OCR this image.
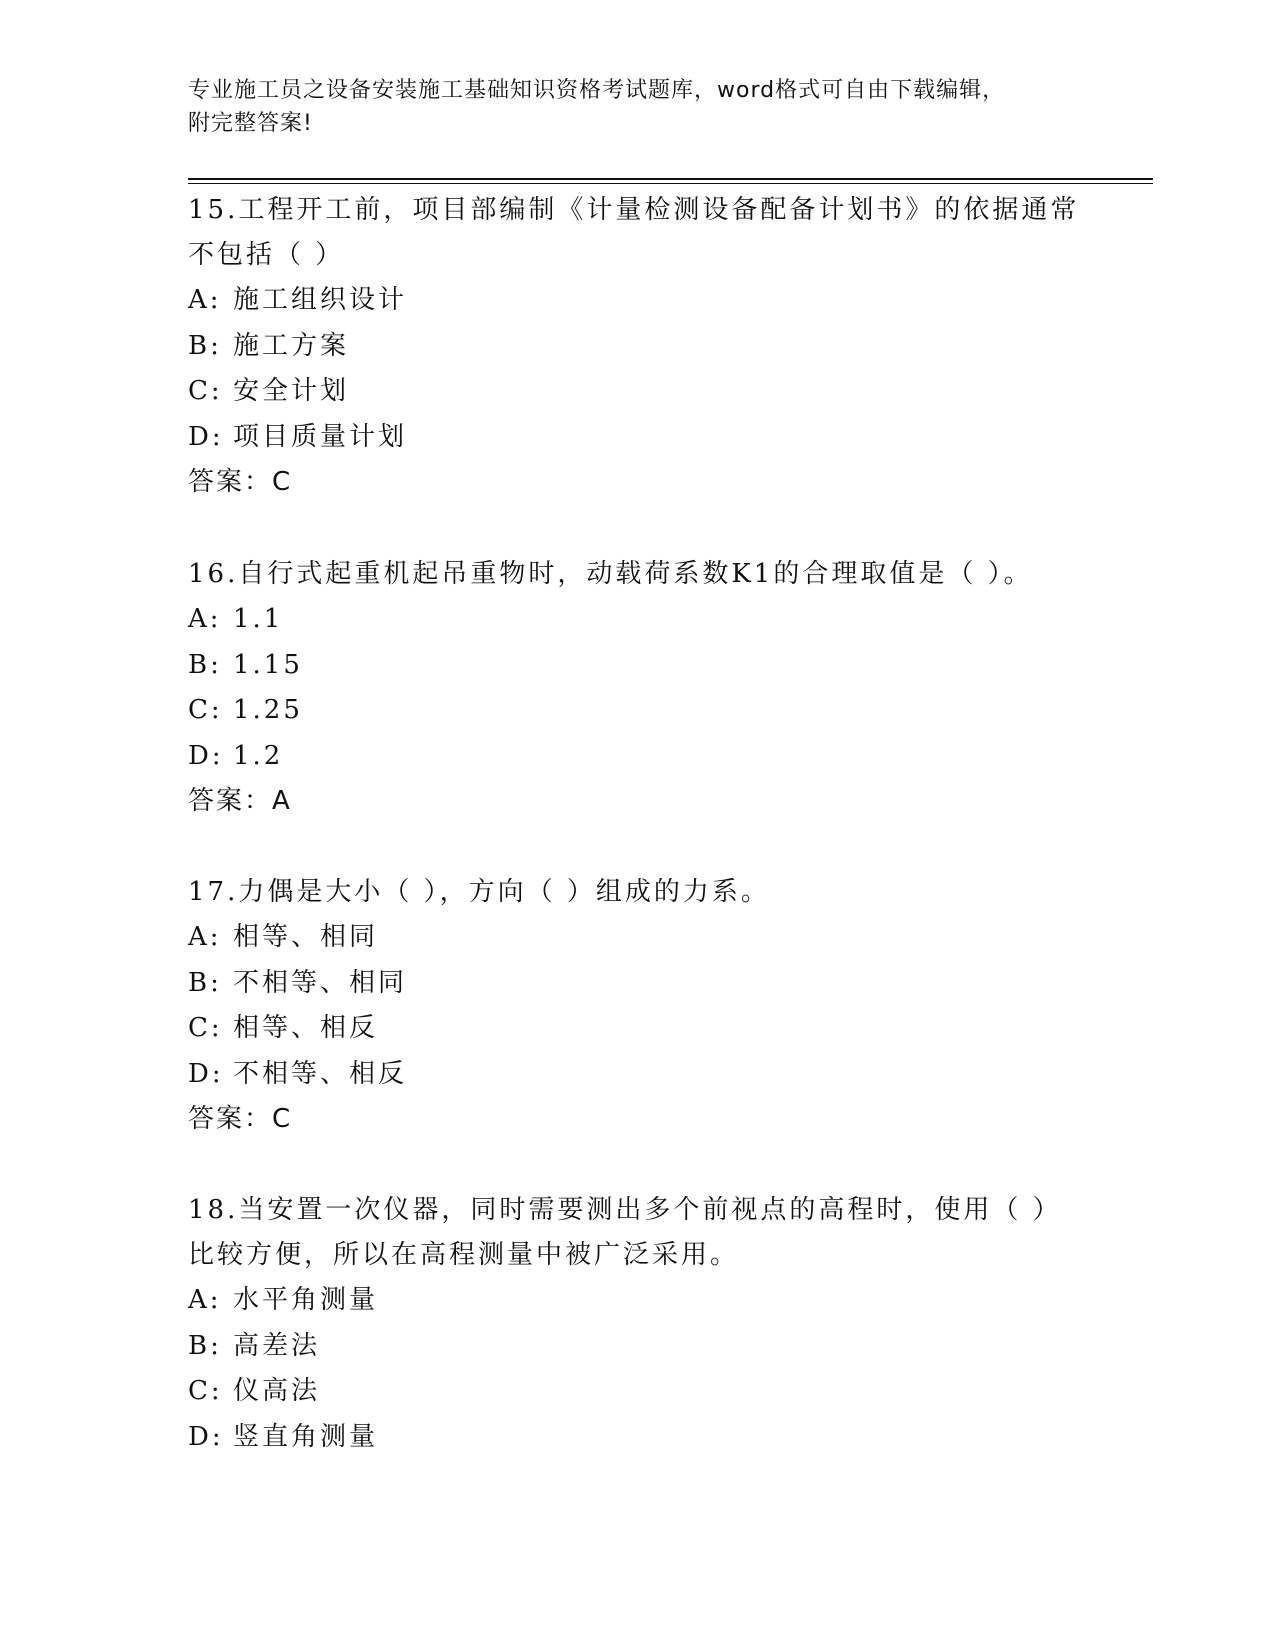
专业施工员之设备安装施工基础知识资格考试题库，word格式可自由下载编辑，
附完整答案!
15.工程开工前，项目部编制《计量检测设备配备计划书》的依据通常不包括（ ）
A: 施工组织设计
B: 施工方案
C: 安全计划
D: 项目质量计划
答案：C
16.自行式起重机起吊重物时，动载荷系数K1的合理取值是（ ）。
A: 1.1
B: 1.15
C: 1.25
D: 1.2
答案：A
17.力偶是大小（ ），方向（ ）组成的力系。
A: 相等、相同
B: 不相等、相同
C: 相等、相反
D: 不相等、相反
答案：C
18.当安置一次仪器，同时需要测出多个前视点的高程时，使用（ ）比较方便，所以在高程测量中被广泛采用。
A: 水平角测量
B: 高差法
C: 仪高法
D: 竖直角测量
